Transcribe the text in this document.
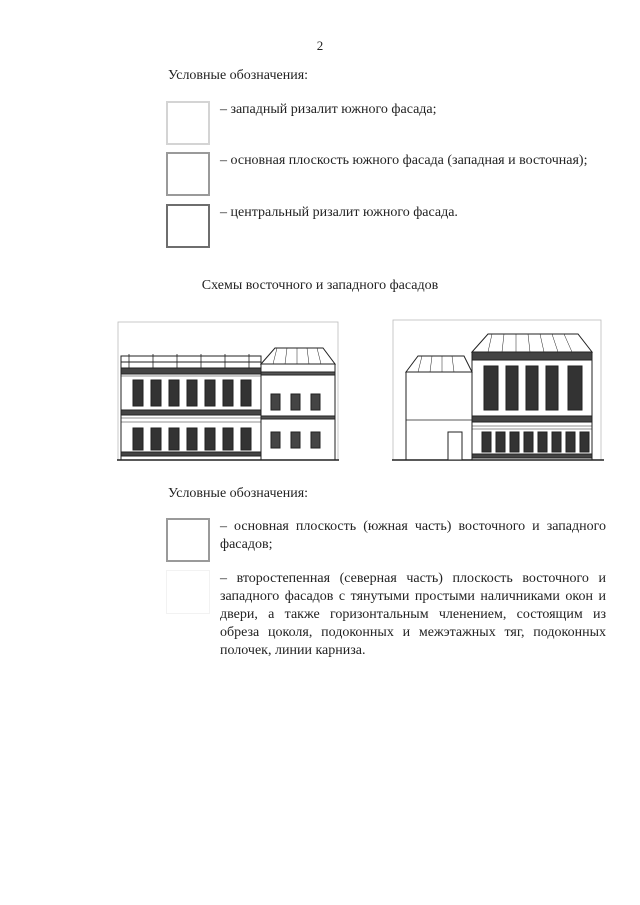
2
Условные обозначения:
– западный ризалит южного фасада;
– основная плоскость южного фасада (западная и восточная);
– центральный ризалит южного фасада.
Схемы восточного и западного фасадов
Условные обозначения:
– основная плоскость (южная часть) восточного и западного фасадов;
– второстепенная (северная часть) плоскость восточного и западного фасадов с тянутыми простыми наличниками окон и двери, а также горизонтальным членением, состоящим из обреза цоколя, подоконных и межэтажных тяг, подоконных полочек, линии карниза.
